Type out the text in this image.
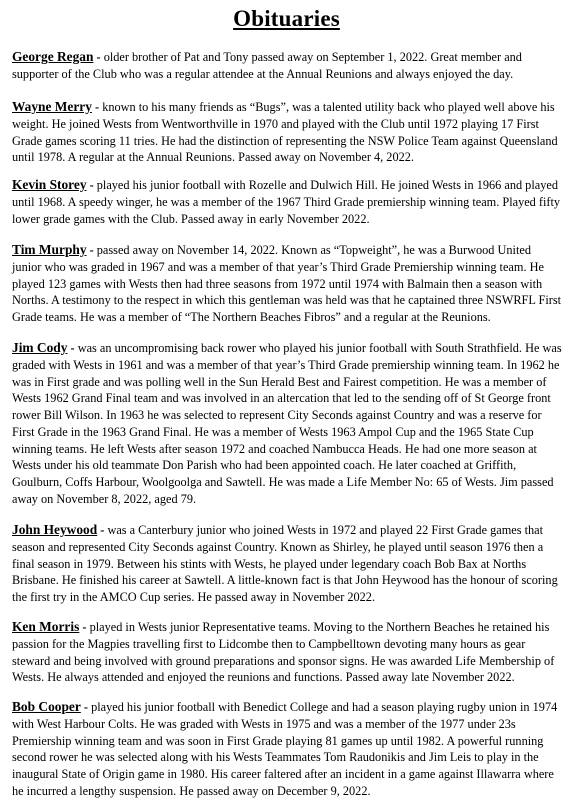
Obituaries

George Regan - older brother of Pat and Tony passed away on September 1, 2022. Great member and supporter of the Club who was a regular attendee at the Annual Reunions and always enjoyed the day.

Wayne Merry - known to his many friends as “Bugs”, was a talented utility back who played well above his weight. He joined Wests from Wentworthville in 1970 and played with the Club until 1972 playing 17 First Grade games scoring 11 tries. He had the distinction of representing the NSW Police Team against Queensland until 1978. A regular at the Annual Reunions. Passed away on November 4, 2022.

Kevin Storey - played his junior football with Rozelle and Dulwich Hill. He joined Wests in 1966 and played until 1968. A speedy winger, he was a member of the 1967 Third Grade premiership winning team. Played fifty lower grade games with the Club. Passed away in early November 2022.

Tim Murphy - passed away on November 14, 2022. Known as “Topweight”, he was a Burwood United junior who was graded in 1967 and was a member of that year’s Third Grade Premiership winning team. He played 123 games with Wests then had three seasons from 1972 until 1974 with Balmain then a season with Norths. A testimony to the respect in which this gentleman was held was that he captained three NSWRFL First Grade teams. He was a member of “The Northern Beaches Fibros” and a regular at the Reunions.

Jim Cody - was an uncompromising back rower who played his junior football with South Strathfield. He was graded with Wests in 1961 and was a member of that year’s Third Grade premiership winning team. In 1962 he was in First grade and was polling well in the Sun Herald Best and Fairest competition. He was a member of Wests 1962 Grand Final team and was involved in an altercation that led to the sending off of St George front rower Bill Wilson. In 1963 he was selected to represent City Seconds against Country and was a reserve for First Grade in the 1963 Grand Final. He was a member of Wests 1963 Ampol Cup and the 1965 State Cup winning teams. He left Wests after season 1972 and coached Nambucca Heads. He had one more season at Wests under his old teammate Don Parish who had been appointed coach. He later coached at Griffith, Goulburn, Coffs Harbour, Woolgoolga and Sawtell. He was made a Life Member No: 65 of Wests. Jim passed away on November 8, 2022, aged 79.

John Heywood - was a Canterbury junior who joined Wests in 1972 and played 22 First Grade games that season and represented City Seconds against Country. Known as Shirley, he played until season 1976 then a final season in 1979. Between his stints with Wests, he played under legendary coach Bob Bax at Norths Brisbane. He finished his career at Sawtell. A little-known fact is that John Heywood has the honour of scoring the first try in the AMCO Cup series. He passed away in November 2022.

Ken Morris - played in Wests junior Representative teams. Moving to the Northern Beaches he retained his passion for the Magpies travelling first to Lidcombe then to Campbelltown devoting many hours as gear steward and being involved with ground preparations and sponsor signs. He was awarded Life Membership of Wests. He always attended and enjoyed the reunions and functions. Passed away late November 2022.

Bob Cooper - played his junior football with Benedict College and had a season playing rugby union in 1974 with West Harbour Colts. He was graded with Wests in 1975 and was a member of the 1977 under 23s Premiership winning team and was soon in First Grade playing 81 games up until 1982. A powerful running second rower he was selected along with his Wests Teammates Tom Raudonikis and Jim Leis to play in the inaugural State of Origin game in 1980. His career faltered after an incident in a game against Illawarra where he incurred a lengthy suspension. He passed away on December 9, 2022.
